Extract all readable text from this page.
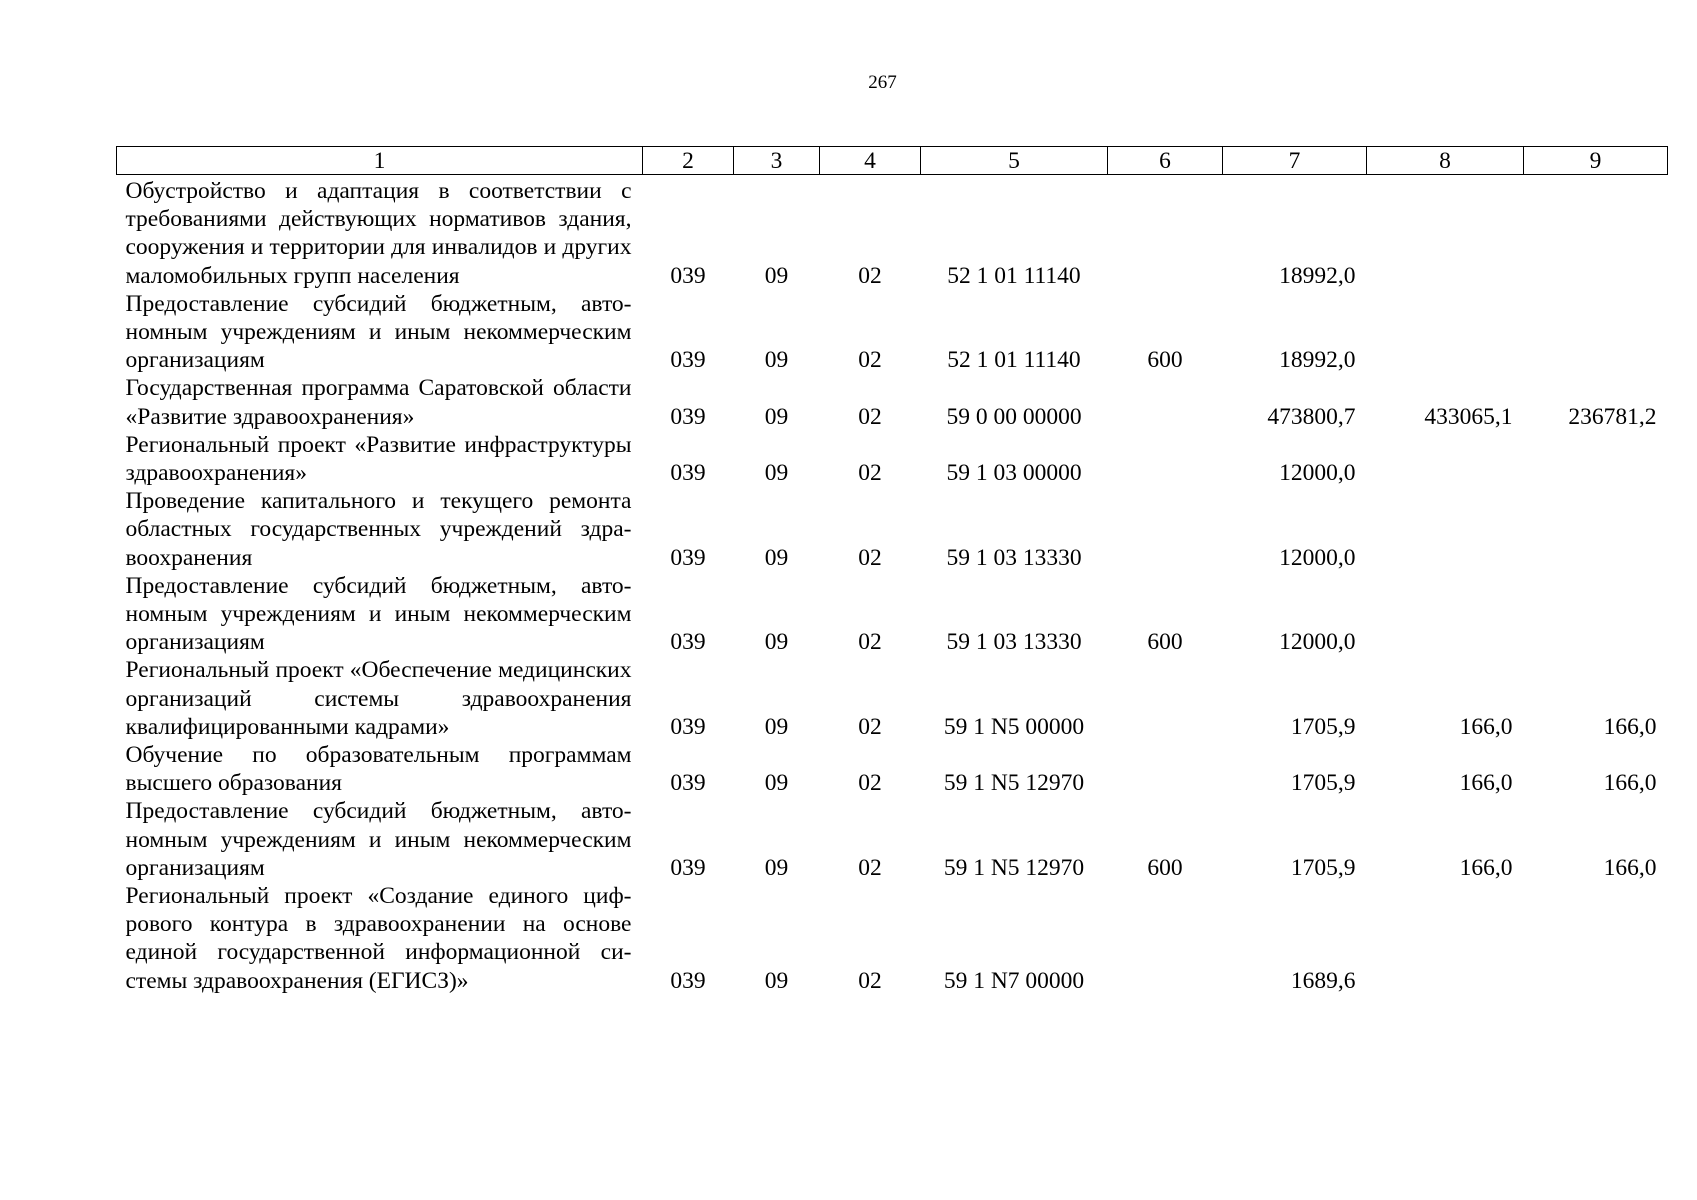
267
1	2	3	4	5	6	7	8	9
Обустройство и адаптация в соответствии с требованиями действующих нормативов здания, сооружения и территории для инвалидов и других маломобильных групп населения	039	09	02	52 1 01 11140		18992,0		
Предоставление субсидий бюджетным, автономным учреждениям и иным некоммерческим организациям	039	09	02	52 1 01 11140	600	18992,0		
Государственная программа Саратовской области «Развитие здравоохранения»	039	09	02	59 0 00 00000		473800,7	433065,1	236781,2
Региональный проект «Развитие инфраструктуры здравоохранения»	039	09	02	59 1 03 00000		12000,0		
Проведение капитального и текущего ремонта областных государственных учреждений здравоохранения	039	09	02	59 1 03 13330		12000,0		
Предоставление субсидий бюджетным, автономным учреждениям и иным некоммерческим организациям	039	09	02	59 1 03 13330	600	12000,0		
Региональный проект «Обеспечение медицинских организаций системы здравоохранения квалифицированными кадрами»	039	09	02	59 1 N5 00000		1705,9	166,0	166,0
Обучение по образовательным программам высшего образования	039	09	02	59 1 N5 12970		1705,9	166,0	166,0
Предоставление субсидий бюджетным, автономным учреждениям и иным некоммерческим организациям	039	09	02	59 1 N5 12970	600	1705,9	166,0	166,0
Региональный проект «Создание единого цифрового контура в здравоохранении на основе единой государственной информационной системы здравоохранения (ЕГИСЗ)»	039	09	02	59 1 N7 00000		1689,6		
